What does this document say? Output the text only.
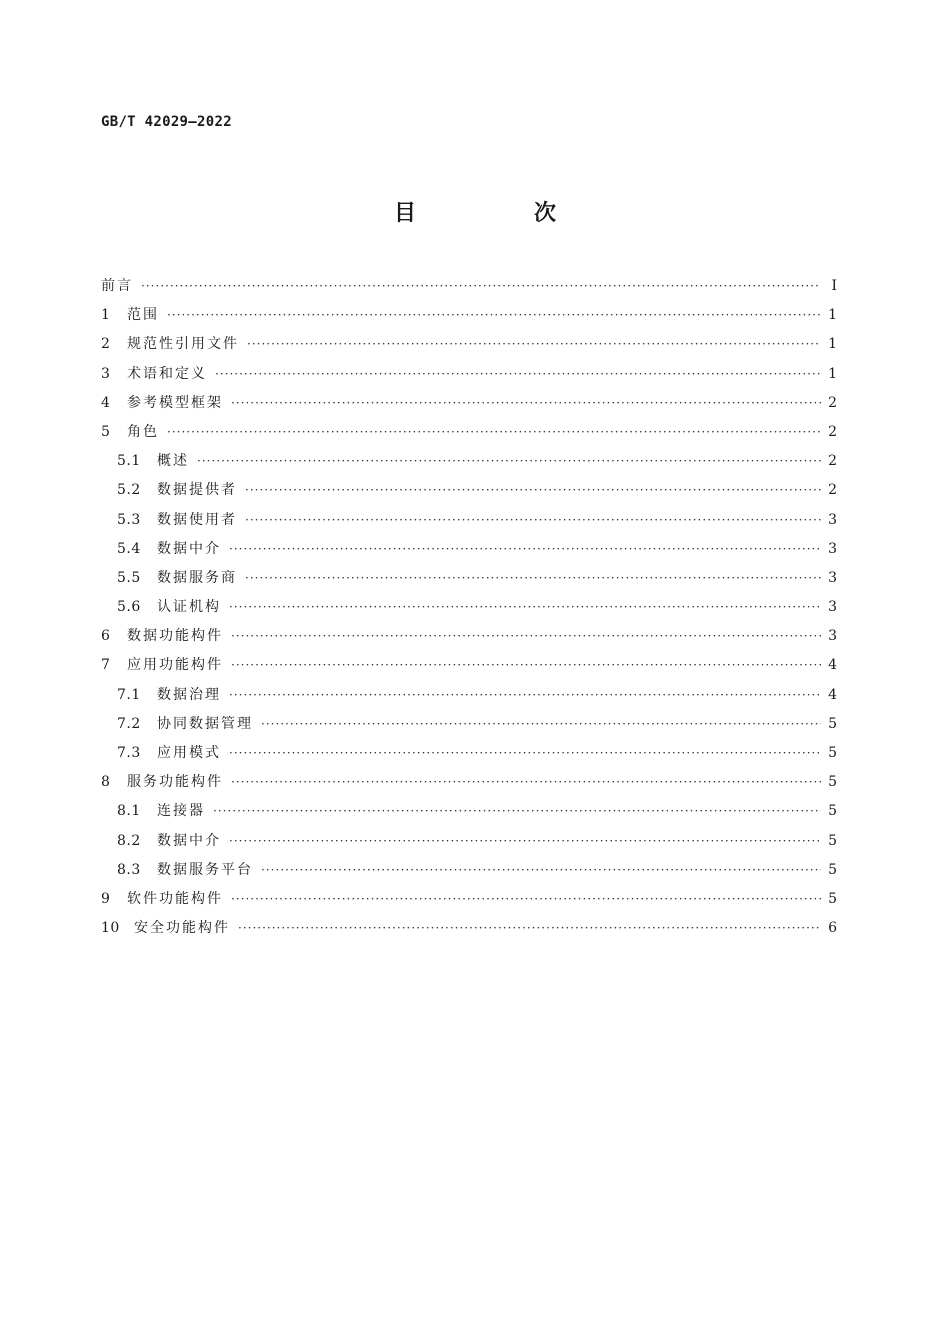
GB/T 42029—2022
目　次
前言 ·····	Ⅰ
1	范围 ·····	1
2	规范性引用文件 ·····	1
3	术语和定义 ·····	1
4	参考模型框架 ·····	2
5	角色 ·····	2
5.1	概述 ·····	2
5.2	数据提供者 ·····	2
5.3	数据使用者 ·····	3
5.4	数据中介 ·····	3
5.5	数据服务商 ·····	3
5.6	认证机构 ·····	3
6	数据功能构件 ·····	3
7	应用功能构件 ·····	4
7.1	数据治理 ·····	4
7.2	协同数据管理 ·····	5
7.3	应用模式 ·····	5
8	服务功能构件 ·····	5
8.1	连接器 ·····	5
8.2	数据中介 ·····	5
8.3	数据服务平台 ·····	5
9	软件功能构件 ·····	5
10	安全功能构件 ·····	6
